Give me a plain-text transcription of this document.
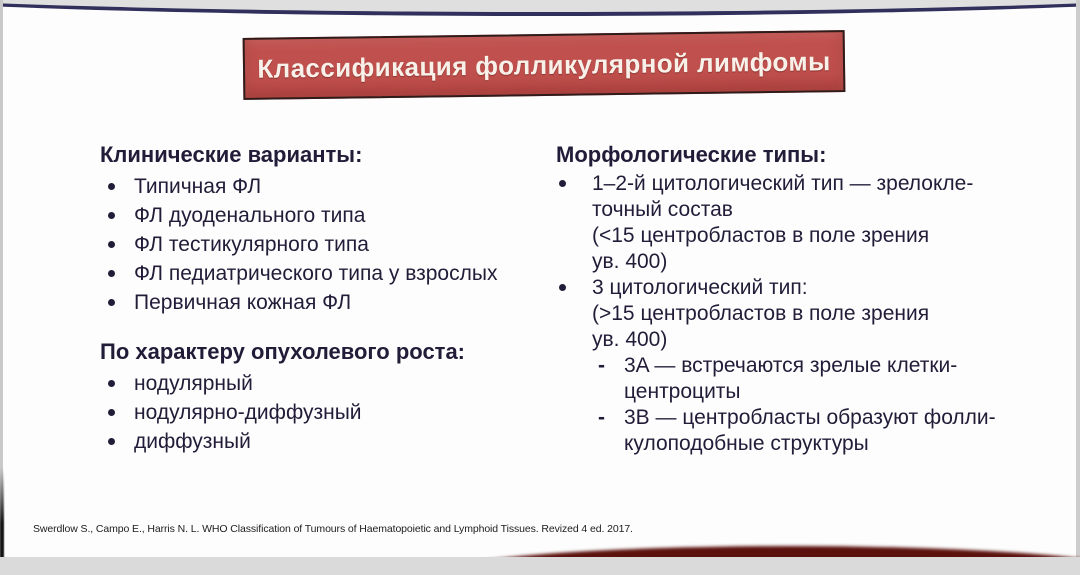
Классификация фолликулярной лимфомы
Клинические варианты:
Типичная ФЛ
ФЛ дуоденального типа
ФЛ тестикулярного типа
ФЛ педиатрического типа у взрослых
Первичная кожная ФЛ
По характеру опухолевого роста:
нодулярный
нодулярно-диффузный
диффузный
Морфологические типы:
1–2-й цитологический тип — зрелокле-
точный состав
(<15 центробластов в поле зрения
ув. 400)
3 цитологический тип:
(>15 центробластов в поле зрения
ув. 400)
- 3A — встречаются зрелые клетки-
центроциты
- 3B — центробласты образуют фолли-
кулоподобные структуры
Swerdlow S., Campo E., Harris N. L. WHO Classification of Tumours of Haematopoietic and Lymphoid Tissues. Revized 4 ed. 2017.
